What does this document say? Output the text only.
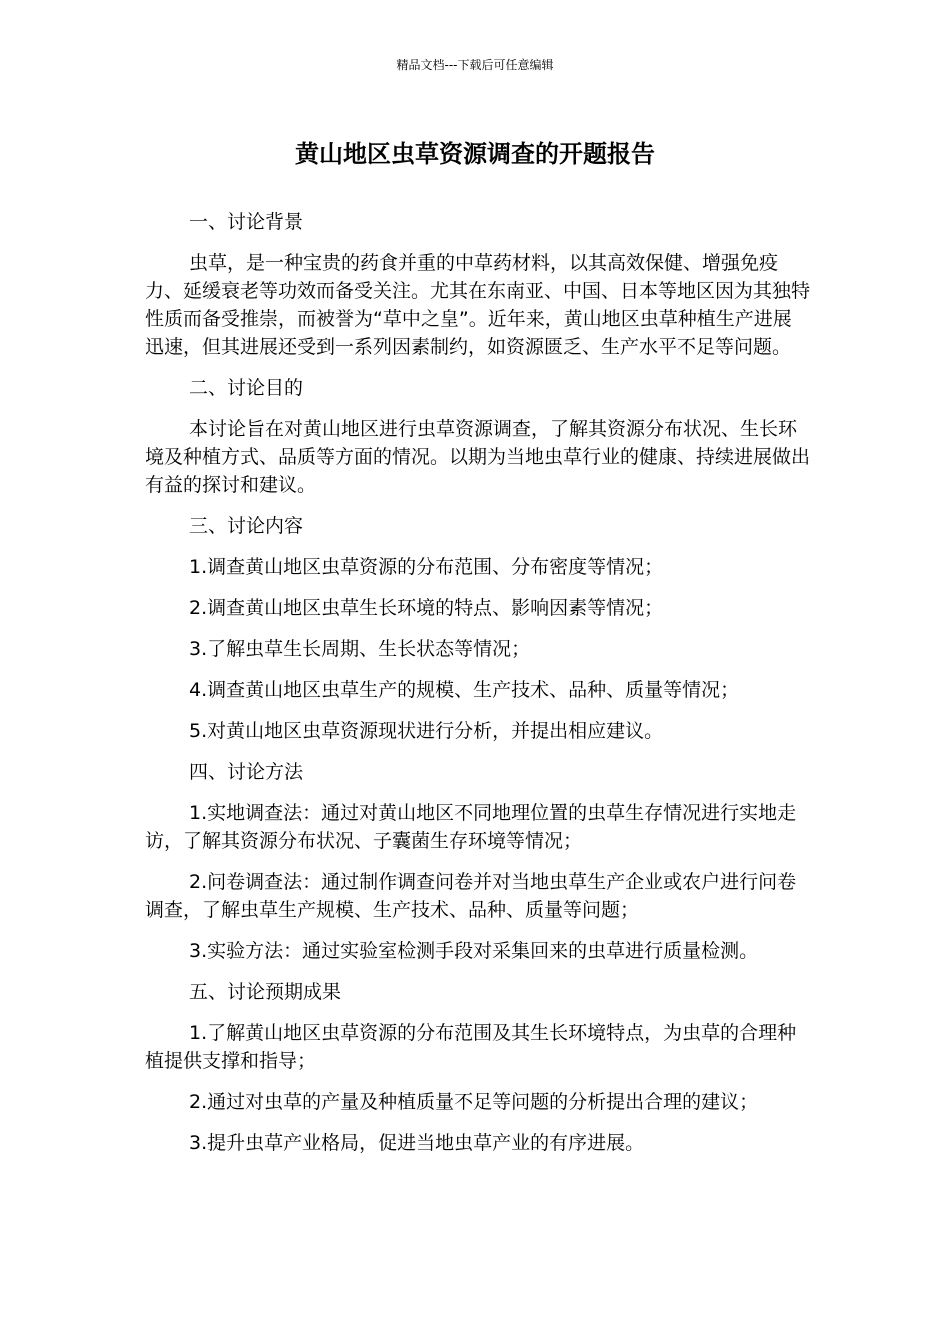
精品文档---下载后可任意编辑
黄山地区虫草资源调查的开题报告

一、讨论背景

虫草，是一种宝贵的药食并重的中草药材料，以其高效保健、增强免疫力、延缓衰老等功效而备受关注。尤其在东南亚、中国、日本等地区因为其独特性质而备受推崇，而被誉为“草中之皇”。近年来，黄山地区虫草种植生产进展迅速，但其进展还受到一系列因素制约，如资源匮乏、生产水平不足等问题。

二、讨论目的

本讨论旨在对黄山地区进行虫草资源调查，了解其资源分布状况、生长环境及种植方式、品质等方面的情况。以期为当地虫草行业的健康、持续进展做出有益的探讨和建议。

三、讨论内容

1.调查黄山地区虫草资源的分布范围、分布密度等情况；

2.调查黄山地区虫草生长环境的特点、影响因素等情况；

3.了解虫草生长周期、生长状态等情况；

4.调查黄山地区虫草生产的规模、生产技术、品种、质量等情况；

5.对黄山地区虫草资源现状进行分析，并提出相应建议。

四、讨论方法

1.实地调查法：通过对黄山地区不同地理位置的虫草生存情况进行实地走访，了解其资源分布状况、子囊菌生存环境等情况；

2.问卷调查法：通过制作调查问卷并对当地虫草生产企业或农户进行问卷调查，了解虫草生产规模、生产技术、品种、质量等问题；

3.实验方法：通过实验室检测手段对采集回来的虫草进行质量检测。

五、讨论预期成果

1.了解黄山地区虫草资源的分布范围及其生长环境特点，为虫草的合理种植提供支撑和指导；

2.通过对虫草的产量及种植质量不足等问题的分析提出合理的建议；

3.提升虫草产业格局，促进当地虫草产业的有序进展。
